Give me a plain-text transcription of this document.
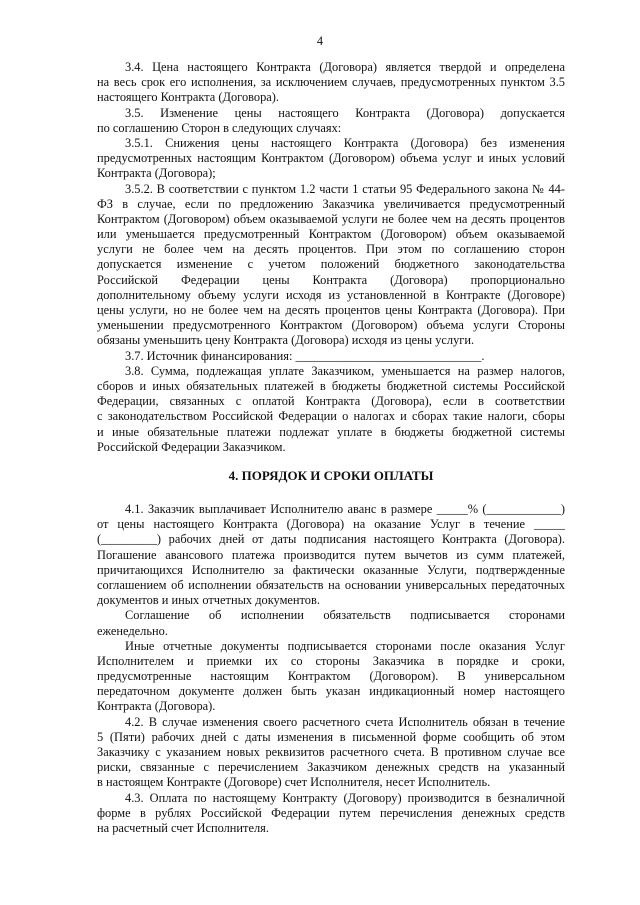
4
3.4. Цена настоящего Контракта (Договора) является твердой и определена
на весь срок его исполнения, за исключением случаев, предусмотренных пунктом 3.5
настоящего Контракта (Договора).
3.5. Изменение цены настоящего Контракта (Договора) допускается
по соглашению Сторон в следующих случаях:
3.5.1. Снижения цены настоящего Контракта (Договора) без изменения
предусмотренных настоящим Контрактом (Договором) объема услуг и иных условий
Контракта (Договора);
3.5.2. В соответствии с пунктом 1.2 части 1 статьи 95 Федерального закона № 44-
ФЗ в случае, если по предложению Заказчика увеличивается предусмотренный
Контрактом (Договором) объем оказываемой услуги не более чем на десять процентов
или уменьшается предусмотренный Контрактом (Договором) объем оказываемой
услуги не более чем на десять процентов. При этом по соглашению сторон
допускается изменение с учетом положений бюджетного законодательства
Российской Федерации цены Контракта (Договора) пропорционально
дополнительному объему услуги исходя из установленной в Контракте (Договоре)
цены услуги, но не более чем на десять процентов цены Контракта (Договора). При
уменьшении предусмотренного Контрактом (Договором) объема услуги Стороны
обязаны уменьшить цену Контракта (Договора) исходя из цены услуги.
3.7. Источник финансирования: ______________________________.
3.8. Сумма, подлежащая уплате Заказчиком, уменьшается на размер налогов,
сборов и иных обязательных платежей в бюджеты бюджетной системы Российской
Федерации, связанных с оплатой Контракта (Договора), если в соответствии
с законодательством Российской Федерации о налогах и сборах такие налоги, сборы
и иные обязательные платежи подлежат уплате в бюджеты бюджетной системы
Российской Федерации Заказчиком.
4. ПОРЯДОК И СРОКИ ОПЛАТЫ
4.1. Заказчик выплачивает Исполнителю аванс в размере _____% (____________)
от цены настоящего Контракта (Договора) на оказание Услуг в течение _____
(_________) рабочих дней от даты подписания настоящего Контракта (Договора).
Погашение авансового платежа производится путем вычетов из сумм платежей,
причитающихся Исполнителю за фактически оказанные Услуги, подтвержденные
соглашением об исполнении обязательств на основании универсальных передаточных
документов и иных отчетных документов.
Соглашение об исполнении обязательств подписывается сторонами
еженедельно.
Иные отчетные документы подписывается сторонами после оказания Услуг
Исполнителем и приемки их со стороны Заказчика в порядке и сроки,
предусмотренные настоящим Контрактом (Договором). В универсальном
передаточном документе должен быть указан индикационный номер настоящего
Контракта (Договора).
4.2. В случае изменения своего расчетного счета Исполнитель обязан в течение
5 (Пяти) рабочих дней с даты изменения в письменной форме сообщить об этом
Заказчику с указанием новых реквизитов расчетного счета. В противном случае все
риски, связанные с перечислением Заказчиком денежных средств на указанный
в настоящем Контракте (Договоре) счет Исполнителя, несет Исполнитель.
4.3. Оплата по настоящему Контракту (Договору) производится в безналичной
форме в рублях Российской Федерации путем перечисления денежных средств
на расчетный счет Исполнителя.
